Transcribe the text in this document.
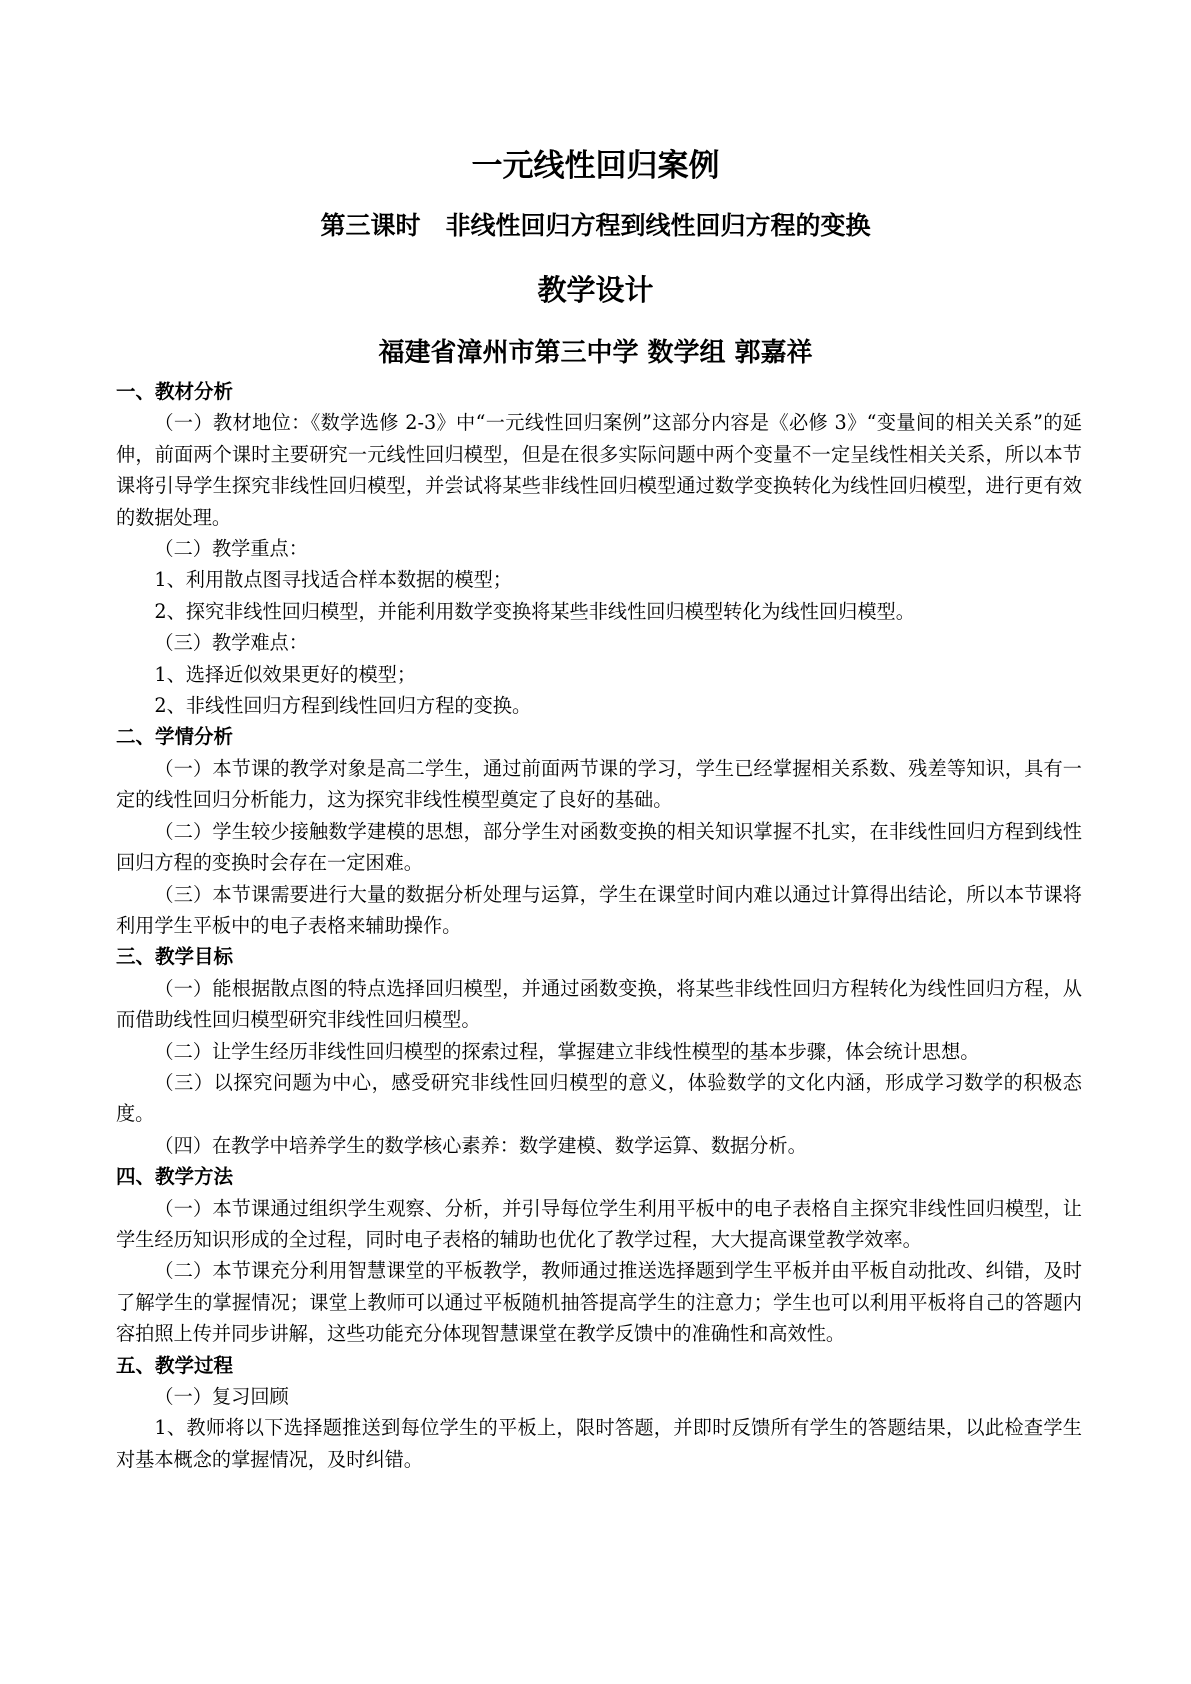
一元线性回归案例
第三课时　非线性回归方程到线性回归方程的变换
教学设计
福建省漳州市第三中学 数学组 郭嘉祥
一、教材分析

（一）教材地位：《数学选修 2-3》中“一元线性回归案例”这部分内容是《必修 3》“变量间的相关关系”的延伸，前面两个课时主要研究一元线性回归模型，但是在很多实际问题中两个变量不一定呈线性相关关系，所以本节课将引导学生探究非线性回归模型，并尝试将某些非线性回归模型通过数学变换转化为线性回归模型，进行更有效的数据处理。

（二）教学重点：

1、利用散点图寻找适合样本数据的模型；

2、探究非线性回归模型，并能利用数学变换将某些非线性回归模型转化为线性回归模型。

（三）教学难点：

1、选择近似效果更好的模型；

2、非线性回归方程到线性回归方程的变换。

二、学情分析

（一）本节课的教学对象是高二学生，通过前面两节课的学习，学生已经掌握相关系数、残差等知识，具有一定的线性回归分析能力，这为探究非线性模型奠定了良好的基础。

（二）学生较少接触数学建模的思想，部分学生对函数变换的相关知识掌握不扎实，在非线性回归方程到线性回归方程的变换时会存在一定困难。

（三）本节课需要进行大量的数据分析处理与运算，学生在课堂时间内难以通过计算得出结论，所以本节课将利用学生平板中的电子表格来辅助操作。

三、教学目标

（一）能根据散点图的特点选择回归模型，并通过函数变换，将某些非线性回归方程转化为线性回归方程，从而借助线性回归模型研究非线性回归模型。

（二）让学生经历非线性回归模型的探索过程，掌握建立非线性模型的基本步骤，体会统计思想。

（三）以探究问题为中心，感受研究非线性回归模型的意义，体验数学的文化内涵，形成学习数学的积极态度。

（四）在教学中培养学生的数学核心素养：数学建模、数学运算、数据分析。

四、教学方法

（一）本节课通过组织学生观察、分析，并引导每位学生利用平板中的电子表格自主探究非线性回归模型，让学生经历知识形成的全过程，同时电子表格的辅助也优化了教学过程，大大提高课堂教学效率。

（二）本节课充分利用智慧课堂的平板教学，教师通过推送选择题到学生平板并由平板自动批改、纠错，及时了解学生的掌握情况；课堂上教师可以通过平板随机抽答提高学生的注意力；学生也可以利用平板将自己的答题内容拍照上传并同步讲解，这些功能充分体现智慧课堂在教学反馈中的准确性和高效性。

五、教学过程

（一）复习回顾

1、教师将以下选择题推送到每位学生的平板上，限时答题，并即时反馈所有学生的答题结果，以此检查学生对基本概念的掌握情况，及时纠错。
